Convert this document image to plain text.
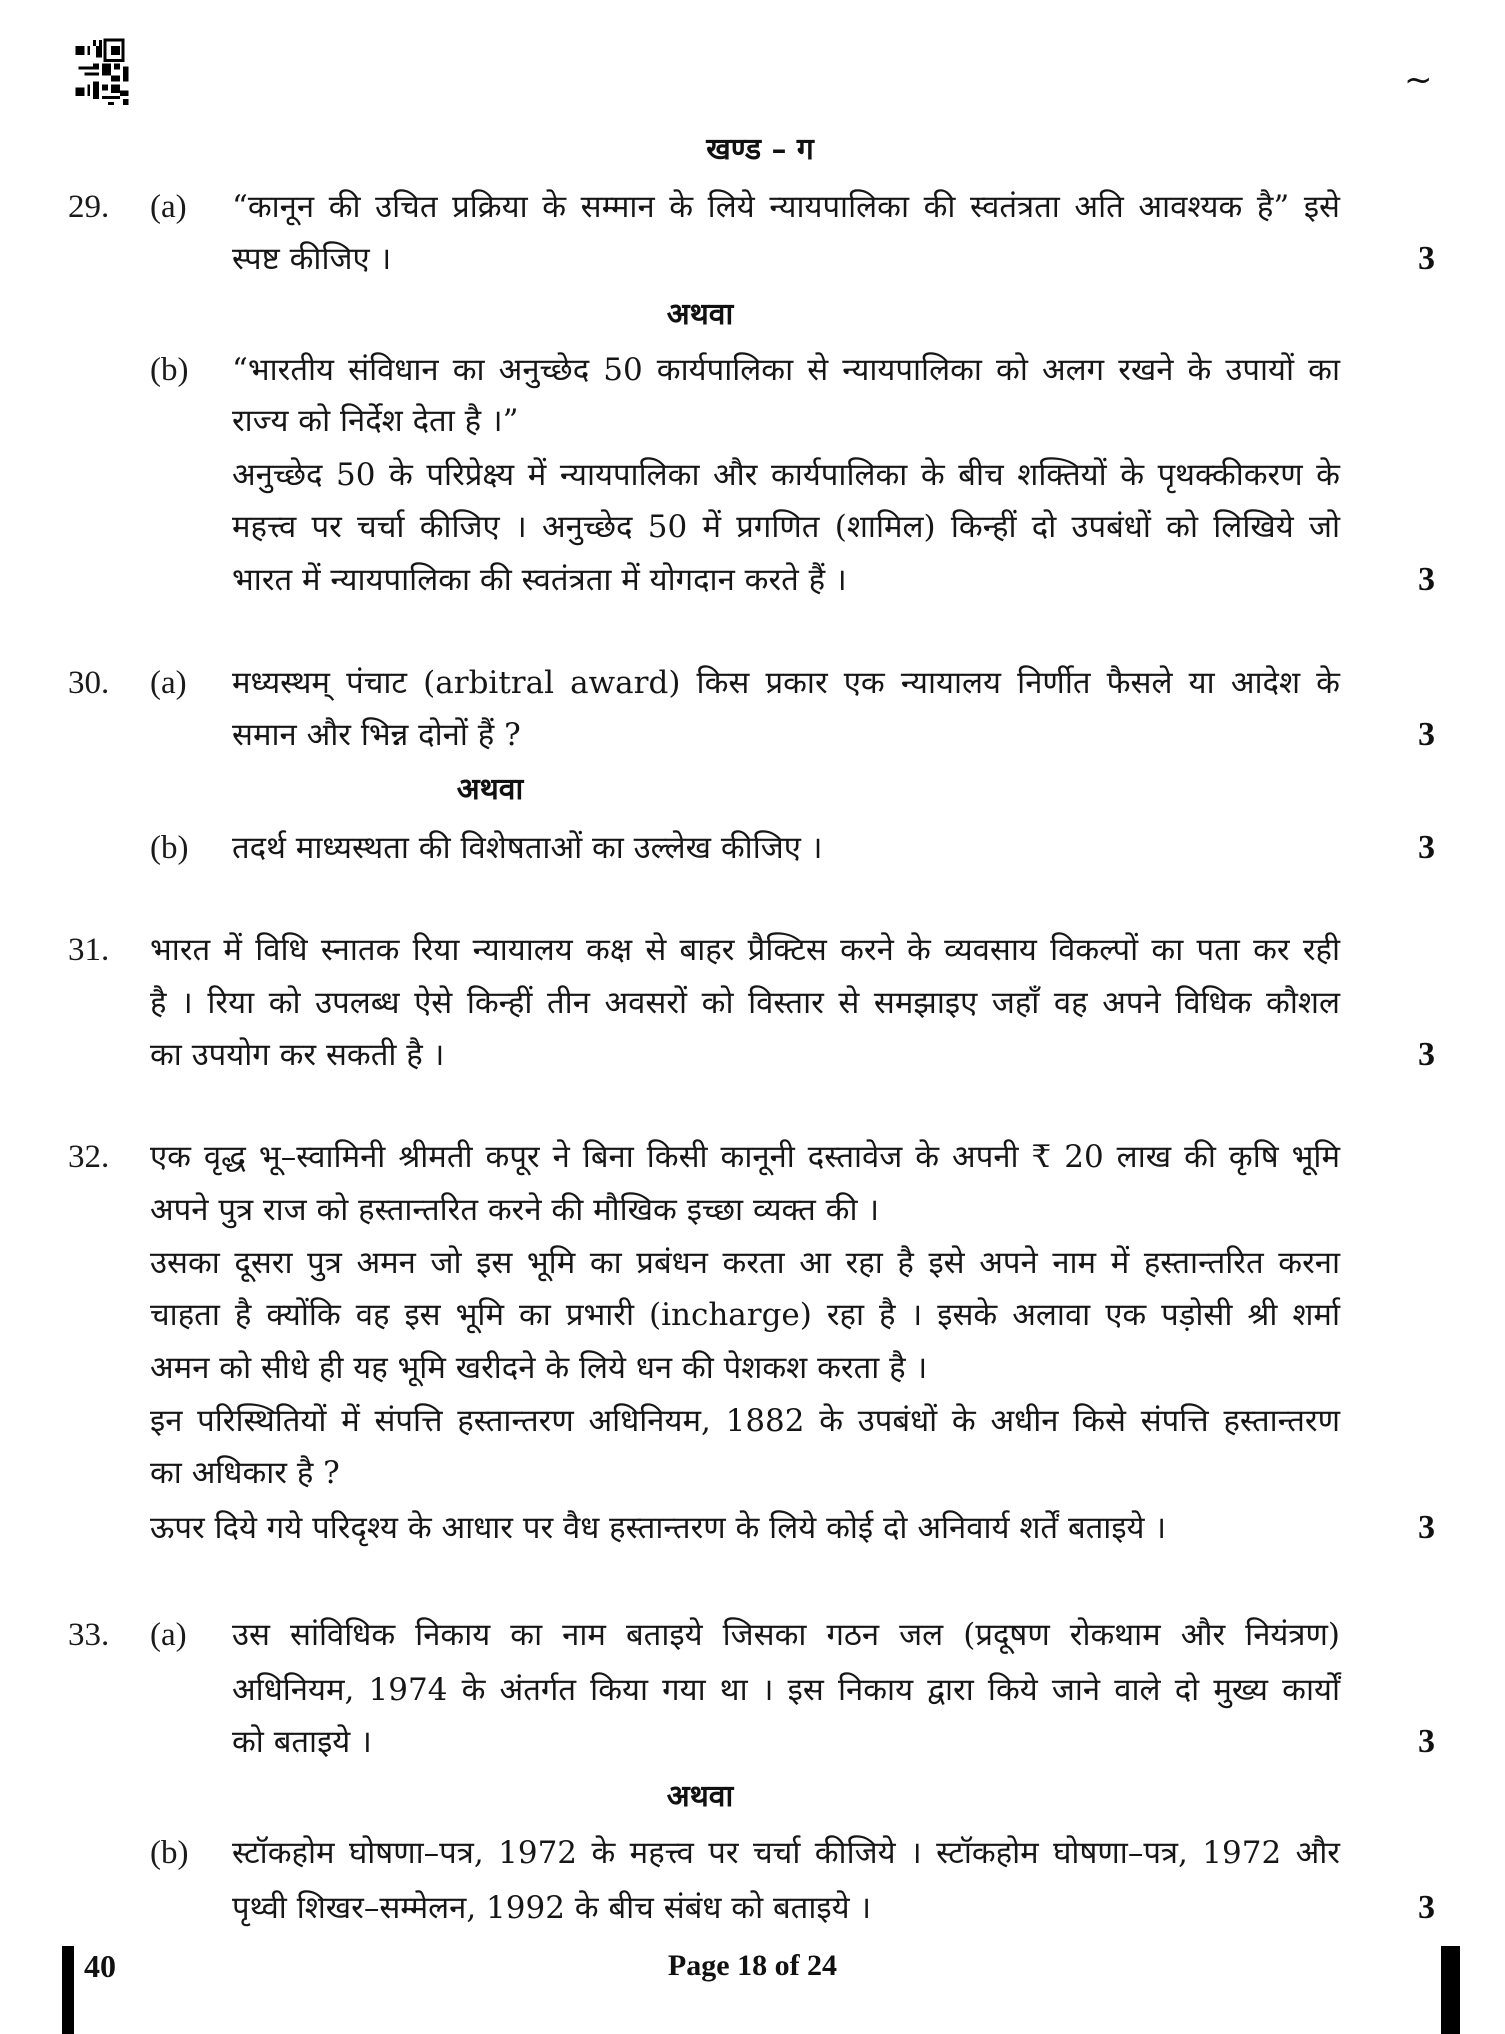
~
खण्ड – ग
29. (a) “कानून की उचित प्रक्रिया के सम्मान के लिये न्यायपालिका की स्वतंत्रता अति आवश्यक है” इसे
स्पष्ट कीजिए ।	3
अथवा
(b) “भारतीय संविधान का अनुच्छेद 50 कार्यपालिका से न्यायपालिका को अलग रखने के उपायों का
राज्य को निर्देश देता है ।”
अनुच्छेद 50 के परिप्रेक्ष्य में न्यायपालिका और कार्यपालिका के बीच शक्तियों के पृथक्कीकरण के
महत्त्व पर चर्चा कीजिए । अनुच्छेद 50 में प्रगणित (शामिल) किन्हीं दो उपबंधों को लिखिये जो
भारत में न्यायपालिका की स्वतंत्रता में योगदान करते हैं ।	3
30. (a) मध्यस्थम् पंचाट (arbitral award) किस प्रकार एक न्यायालय निर्णीत फैसले या आदेश के
समान और भिन्न दोनों हैं ?	3
अथवा
(b) तदर्थ माध्यस्थता की विशेषताओं का उल्लेख कीजिए ।	3
31. भारत में विधि स्नातक रिया न्यायालय कक्ष से बाहर प्रैक्टिस करने के व्यवसाय विकल्पों का पता कर रही
है । रिया को उपलब्ध ऐसे किन्हीं तीन अवसरों को विस्तार से समझाइए जहाँ वह अपने विधिक कौशल
का उपयोग कर सकती है ।	3
32. एक वृद्ध भू–स्वामिनी श्रीमती कपूर ने बिना किसी कानूनी दस्तावेज के अपनी ₹ 20 लाख की कृषि भूमि
अपने पुत्र राज को हस्तान्तरित करने की मौखिक इच्छा व्यक्त की ।
उसका दूसरा पुत्र अमन जो इस भूमि का प्रबंधन करता आ रहा है इसे अपने नाम में हस्तान्तरित करना
चाहता है क्योंकि वह इस भूमि का प्रभारी (incharge) रहा है । इसके अलावा एक पड़ोसी श्री शर्मा
अमन को सीधे ही यह भूमि खरीदने के लिये धन की पेशकश करता है ।
इन परिस्थितियों में संपत्ति हस्तान्तरण अधिनियम, 1882 के उपबंधों के अधीन किसे संपत्ति हस्तान्तरण
का अधिकार है ?
ऊपर दिये गये परिदृश्य के आधार पर वैध हस्तान्तरण के लिये कोई दो अनिवार्य शर्तें बताइये ।	3
33. (a) उस सांविधिक निकाय का नाम बताइये जिसका गठन जल (प्रदूषण रोकथाम और नियंत्रण)
अधिनियम, 1974 के अंतर्गत किया गया था । इस निकाय द्वारा किये जाने वाले दो मुख्य कार्यों
को बताइये ।	3
अथवा
(b) स्टॉकहोम घोषणा–पत्र, 1972 के महत्त्व पर चर्चा कीजिये । स्टॉकहोम घोषणा–पत्र, 1972 और
पृथ्वी शिखर–सम्मेलन, 1992 के बीच संबंध को बताइये ।	3
40	Page 18 of 24
